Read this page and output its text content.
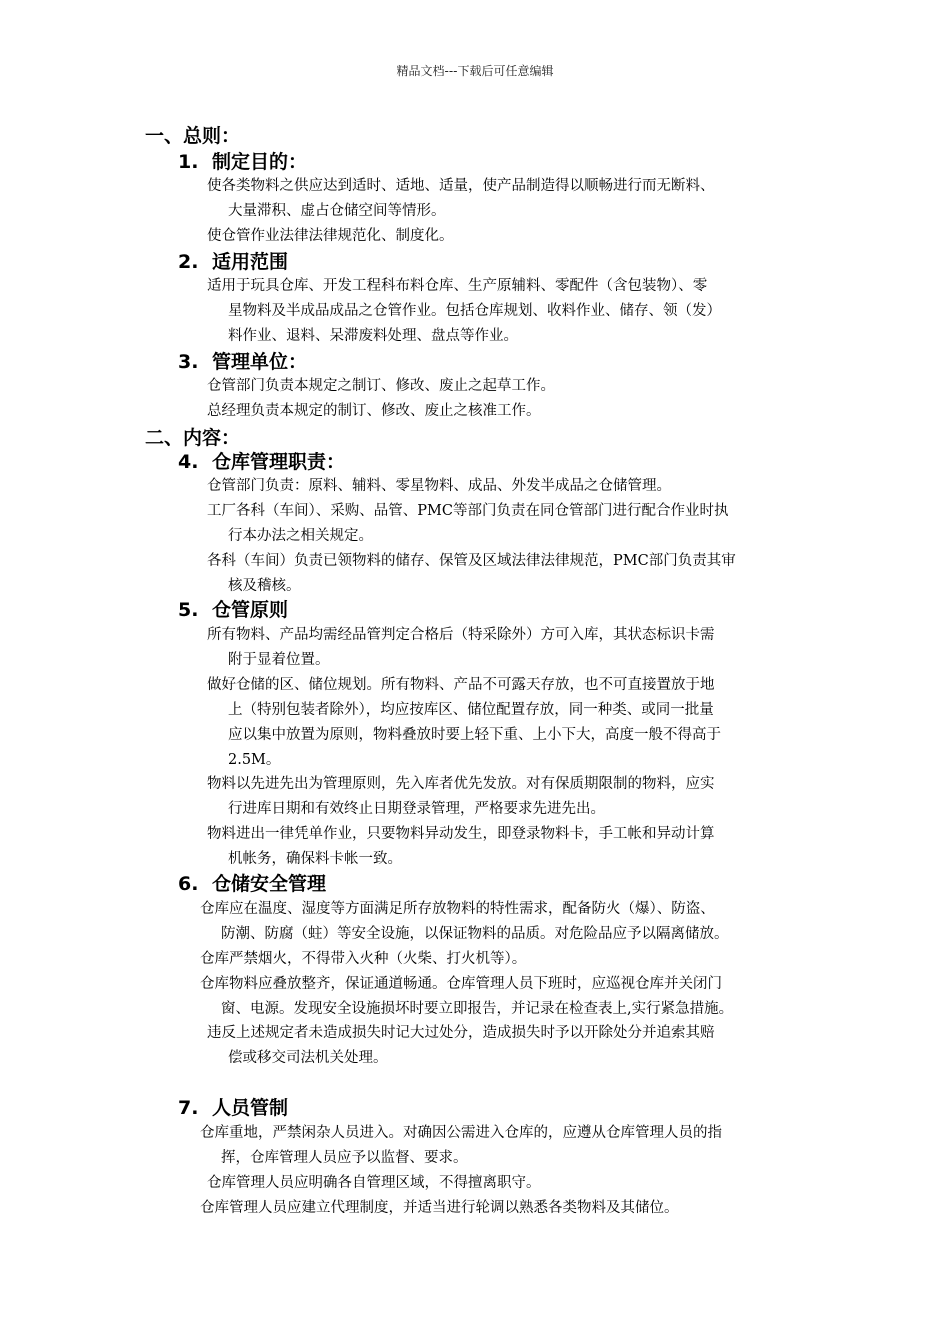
精品文档---下载后可任意编辑
一、总则：
1. 制定目的：
使各类物料之供应达到适时、适地、适量，使产品制造得以顺畅进行而无断料、
大量滞积、虚占仓储空间等情形。
使仓管作业法律法律规范化、制度化。
2. 适用范围
适用于玩具仓库、开发工程科布料仓库、生产原辅料、零配件（含包装物）、零
星物料及半成品成品之仓管作业。包括仓库规划、收料作业、储存、领（发）
料作业、退料、呆滞废料处理、盘点等作业。
3. 管理单位：
仓管部门负责本规定之制订、修改、废止之起草工作。
总经理负责本规定的制订、修改、废止之核准工作。
二、内容：
4. 仓库管理职责：
仓管部门负责：原料、辅料、零星物料、成品、外发半成品之仓储管理。
工厂各科（车间）、采购、品管、PMC等部门负责在同仓管部门进行配合作业时执
行本办法之相关规定。
各科（车间）负责已领物料的储存、保管及区域法律法律规范，PMC部门负责其审
核及稽核。
5. 仓管原则
所有物料、产品均需经品管判定合格后（特采除外）方可入库，其状态标识卡需
附于显着位置。
做好仓储的区、储位规划。所有物料、产品不可露天存放，也不可直接置放于地
上（特别包装者除外），均应按库区、储位配置存放，同一种类、或同一批量
应以集中放置为原则，物料叠放时要上轻下重、上小下大，高度一般不得高于
2.5M。
物料以先进先出为管理原则，先入库者优先发放。对有保质期限制的物料，应实
行进库日期和有效终止日期登录管理，严格要求先进先出。
物料进出一律凭单作业，只要物料异动发生，即登录物料卡，手工帐和异动计算
机帐务，确保料卡帐一致。
6. 仓储安全管理
仓库应在温度、湿度等方面满足所存放物料的特性需求，配备防火（爆）、防盗、
防潮、防腐（蛀）等安全设施，以保证物料的品质。对危险品应予以隔离储放。
仓库严禁烟火，不得带入火种（火柴、打火机等）。
仓库物料应叠放整齐，保证通道畅通。仓库管理人员下班时，应巡视仓库并关闭门
窗、电源。发现安全设施损坏时要立即报告，并记录在检查表上,实行紧急措施。
违反上述规定者未造成损失时记大过处分，造成损失时予以开除处分并追索其赔
偿或移交司法机关处理。
7. 人员管制
仓库重地，严禁闲杂人员进入。对确因公需进入仓库的，应遵从仓库管理人员的指
挥，仓库管理人员应予以监督、要求。
仓库管理人员应明确各自管理区域，不得擅离职守。
仓库管理人员应建立代理制度，并适当进行轮调以熟悉各类物料及其储位。
